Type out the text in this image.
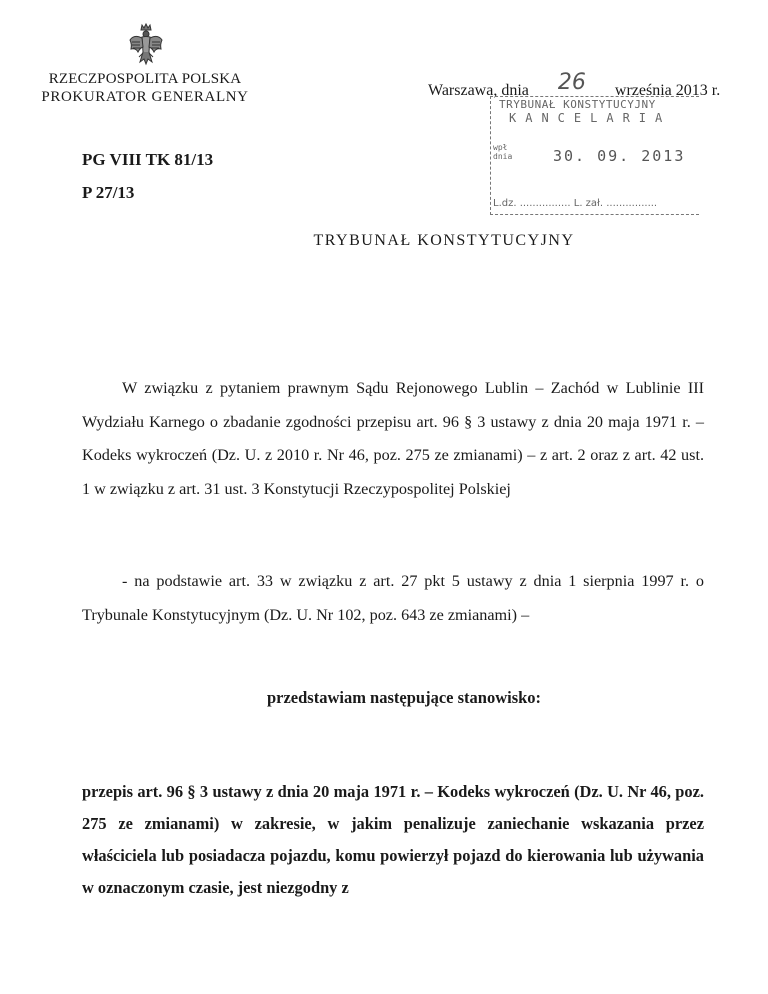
RZECZPOSPOLITA POLSKA
PROKURATOR GENERALNY	Warszawa, dnia 26 września 2013 r.
TRYBUNAŁ KONSTYTUCYJNY
KANCELARIA
wpł
dnia	30. 09. 2013
L.dz. ................ L. zał. ................
PG VIII TK 81/13
P 27/13
TRYBUNAŁ KONSTYTUCYJNY
W związku z pytaniem prawnym Sądu Rejonowego Lublin – Zachód w Lublinie III Wydziału Karnego o zbadanie zgodności przepisu art. 96 § 3 ustawy z dnia 20 maja 1971 r. – Kodeks wykroczeń (Dz. U. z 2010 r. Nr 46, poz. 275 ze zmianami) – z art. 2 oraz z art. 42 ust. 1 w związku z art. 31 ust. 3 Konstytucji Rzeczypospolitej Polskiej
- na podstawie art. 33 w związku z art. 27 pkt 5 ustawy z dnia 1 sierpnia 1997 r. o Trybunale Konstytucyjnym (Dz. U. Nr 102, poz. 643 ze zmianami) –
przedstawiam następujące stanowisko:
przepis art. 96 § 3 ustawy z dnia 20 maja 1971 r. – Kodeks wykroczeń (Dz. U. Nr 46, poz. 275 ze zmianami) w zakresie, w jakim penalizuje zaniechanie wskazania przez właściciela lub posiadacza pojazdu, komu powierzył pojazd do kierowania lub używania w oznaczonym czasie, jest niezgodny z
